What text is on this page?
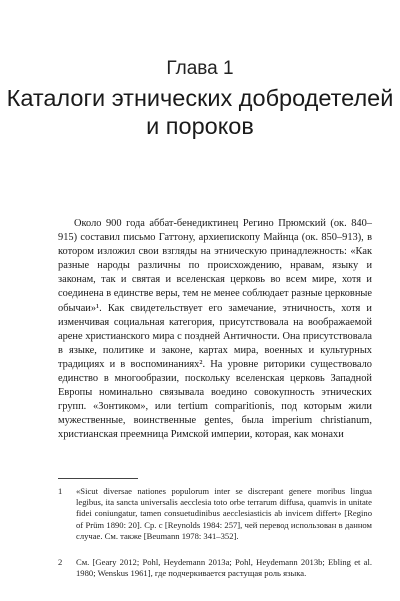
Глава 1
Каталоги этнических добродетелей и пороков

Около 900 года аббат-бенедиктинец Регино Прюмский (ок. 840–915) составил письмо Гаттону, архиепископу Майнца (ок. 850–913), в котором изложил свои взгляды на этническую принадлежность: «Как разные народы различны по происхождению, нравам, языку и законам, так и святая и вселенская церковь во всем мире, хотя и соединена в единстве веры, тем не менее соблюдает разные церковные обычаи»¹. Как свидетельствует его замечание, этничность, хотя и изменчивая социальная категория, присутствовала на воображаемой арене христианского мира с поздней Античности. Она присутствовала в языке, политике и законе, картах мира, военных и культурных традициях и в воспоминаниях². На уровне риторики существовало единство в многообразии, поскольку вселенская церковь Западной Европы номинально связывала воедино совокупность этнических групп. «Зонтиком», или tertium comparitionis, под которым жили мужественные, воинственные gentes, была imperium christianum, христианская преемница Римской империи, которая, как монахи

1	«Sicut diversae nationes populorum inter se discrepant genere moribus lingua legibus, ita sancta universalis aecclesia toto orbe terrarum diffusa, quamvis in unitate fidei coniungatur, tamen consuetudinibus aecclesiasticis ab invicem differt» [Regino of Prüm 1890: 20]. Ср. с [Reynolds 1984: 257], чей перевод использован в данном случае. См. также [Beumann 1978: 341–352].
2	См. [Geary 2012; Pohl, Heydemann 2013a; Pohl, Heydemann 2013b; Ebling et al. 1980; Wenskus 1961], где подчеркивается растущая роль языка.
